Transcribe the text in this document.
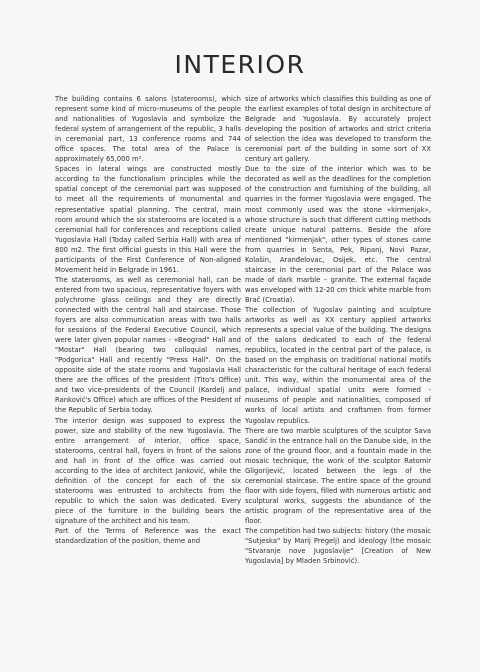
INTERIOR

The building contains 6 salons (staterooms), which represent some kind of micro-museums of the people and nationalities of Yugoslavia and symbolize the federal system of arrangement of the republic, 3 halls in ceremonial part, 13 conference rooms and 744 office spaces. The total area of the Palace is approximately 65,000 m².

Spaces in lateral wings are constructed mostly according to the functionalism principles while the spatial concept of the ceremonial part was supposed to meet all the requirements of monumental and representative spatial planning. The central, main room around which the six staterooms are located is a ceremonial hall for conferences and receptions called Yugoslavia Hall (Today called Serbia Hall) with area of 800 m2. The first official guests in this Hall were the participants of the First Conference of Non-aligned Movement held in Belgrade in 1961.

The staterooms, as well as ceremonial hall, can be entered from two spacious, representative foyers with polychrome glass ceilings and they are directly connected with the central hall and staircase. Those foyers are also communication areas with two halls for sessions of the Federal Executive Council, which were later given popular names - «Beograd" Hall and "Mostar" Hall (bearing two colloquial names, "Podgorica" Hall and recently "Press Hall". On the opposite side of the state rooms and Yugoslavia Hall there are the offices of the president (Tito's Office) and two vice-presidents of the Council (Kardelj and Ranković's Office) which are offices of the President of the Republic of Serbia today.

The interior design was supposed to express the power, size and stability of the new Yugoslavia. The entire arrangement of interior, office space, staterooms, central hall, foyers in front of the salons and hall in front of the office was carried out according to the idea of architect Janković, while the definition of the concept for each of the six staterooms was entrusted to architects from the republic to which the salon was dedicated. Every piece of the furniture in the building bears the signature of the architect and his team.

Part of the Terms of Reference was the exact standardization of the position, theme and

size of artworks which classifies this building as one of the earliest examples of total design in architecture of Belgrade and Yugoslavia. By accurately project developing the position of artworks and strict criteria of selection the idea was developed to transform the ceremonial part of the building in some sort of XX century art gallery.

Due to the size of the interior which was to be decorated as well as the deadlines for the completion of the construction and furnishing of the building, all quarries in the former Yugoslavia were engaged. The most commonly used was the stone «kirmenjak», whose structure is such that different cutting methods create unique natural patterns. Beside the afore mentioned "kirmenjak", other types of stones came from quarries in Senta, Pek, Ripanj, Novi Pazar, Kolašin, Aranđelovac, Osijek, etc. The central staircase in the ceremonial part of the Palace was made of dark marble – granite. The external façade was enveloped with 12-20 cm thick white marble from Brač (Croatia).

The collection of Yugoslav painting and sculpture artworks as well as XX century applied artworks represents a special value of the building. The designs of the salons dedicated to each of the federal republics, located in the central part of the palace, is based on the emphasis on traditional national motifs characteristic for the cultural heritage of each federal unit. This way, within the monumental area of the palace, individual spatial units were formed - museums of people and nationalities, composed of works of local artists and craftsmen from former Yugoslav republics.

There are two marble sculptures of the sculptor Sava Sandić in the entrance hall on the Danube side, in the zone of the ground floor, and a fountain made in the mosaic technique, the work of the sculptor Ratomir Gligorijević, located between the legs of the ceremonial staircase. The entire space of the ground floor with side foyers, filled with numerous artistic and sculptural works, suggests the abundance of the artistic program of the representative area of the floor.

The competition had two subjects: history (the mosaic "Sutjeska" by Marij Pregelj) and ideology (the mosaic "Stvaranje nove Jugoslavije" [Creation of New Yugoslavia] by Mladen Srbinović).
